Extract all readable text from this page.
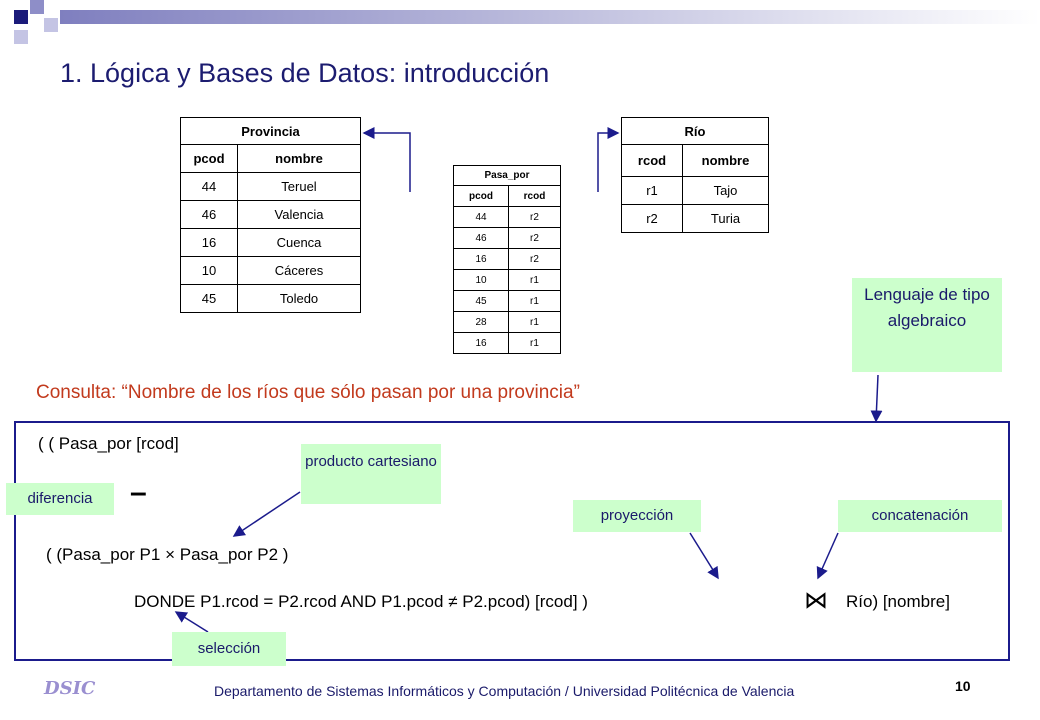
1. Lógica y Bases de Datos: introducción
Provincia	
pcod	nombre
44	Teruel
46	Valencia
16	Cuenca
10	Cáceres
45	Toledo
Pasa_por	
pcod	rcod
44	r2
46	r2
16	r2
10	r1
45	r1
28	r1
16	r1
Río	
rcod	nombre
r1	Tajo
r2	Turia
Lenguaje de tipo algebraico
Consulta: “Nombre de los ríos que sólo pasan por una provincia”
( ( Pasa_por [rcod]
–
( (Pasa_por P1 × Pasa_por P2 )
DONDE P1.rcod = P2.rcod AND P1.pcod ≠ P2.pcod) [rcod] )	⋈ Río) [nombre]
producto cartesiano
diferencia
proyección	concatenación
selección
DSIC	Departamento de Sistemas Informáticos y Computación / Universidad Politécnica de Valencia	10
